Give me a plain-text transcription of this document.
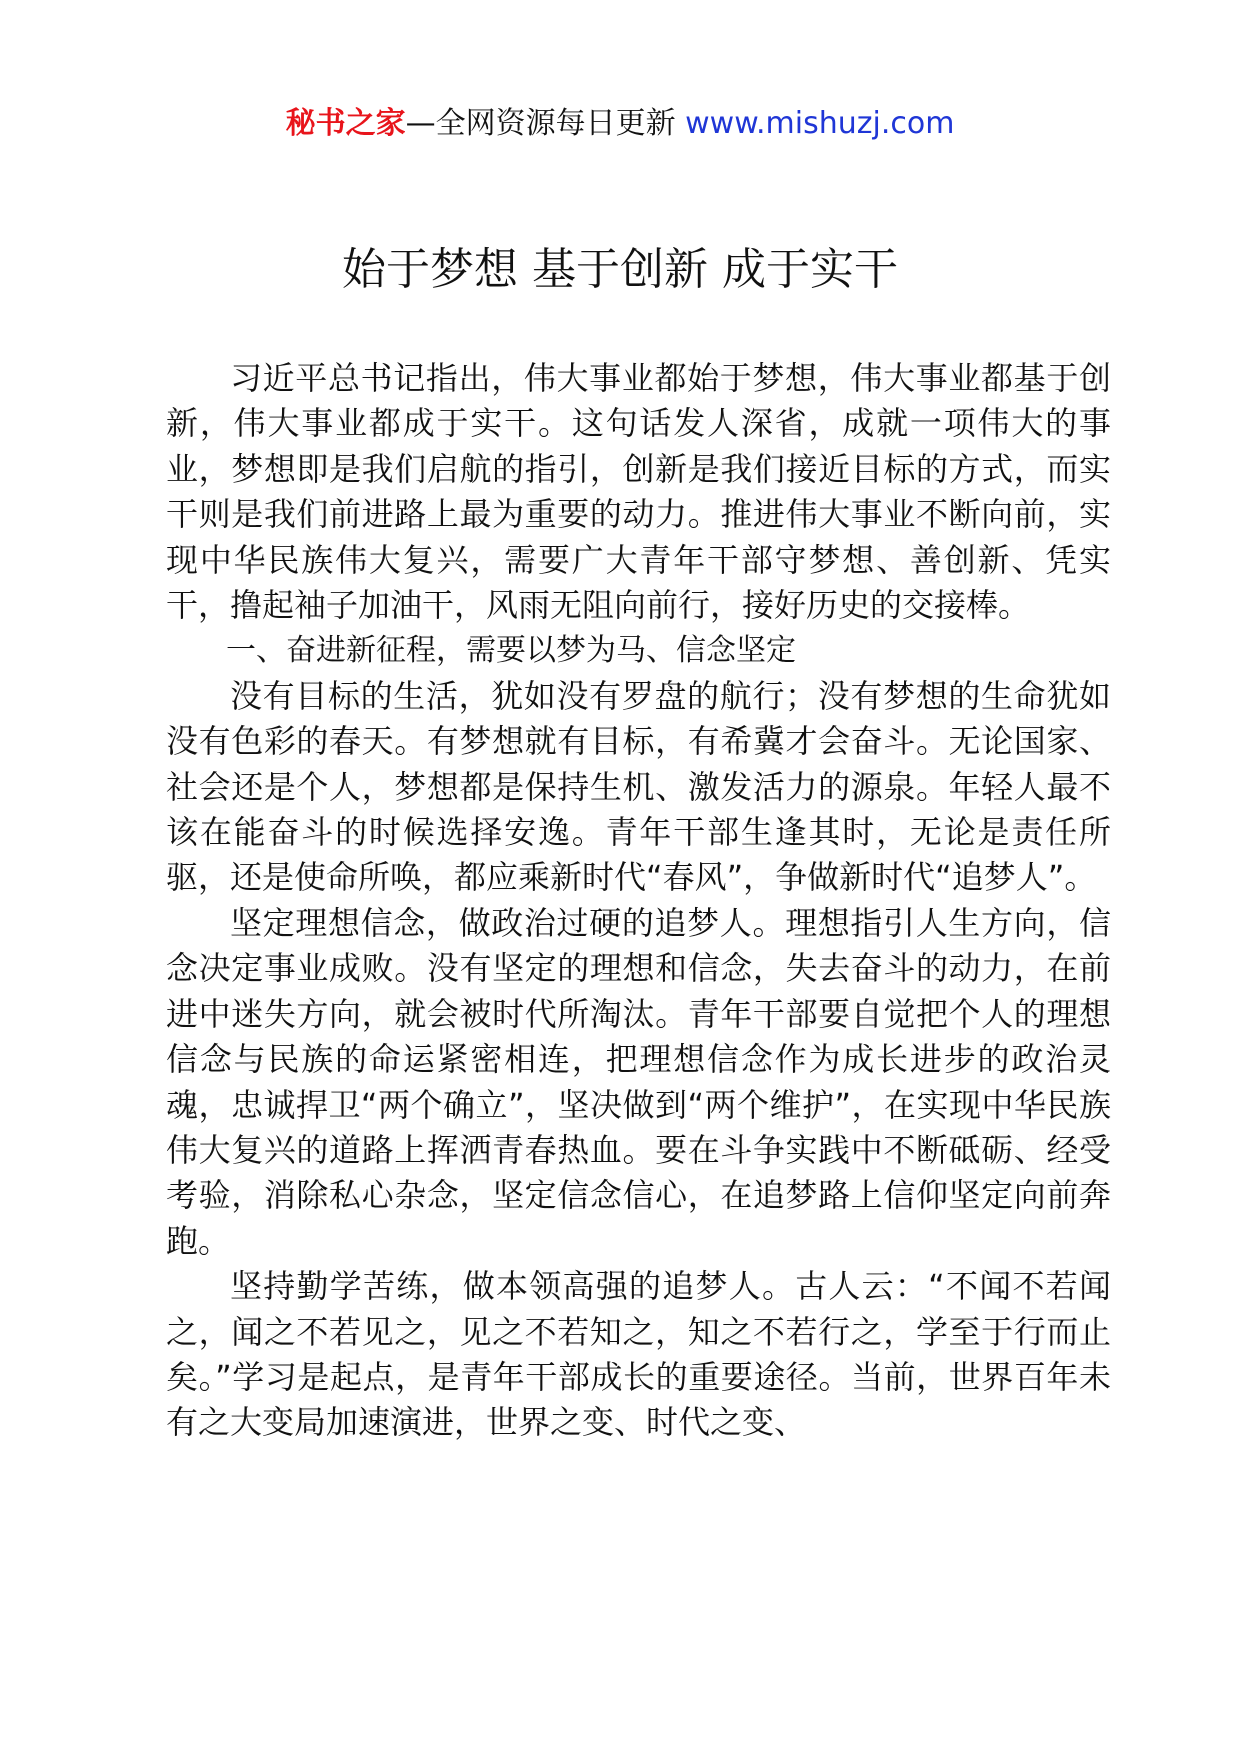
秘书之家—全网资源每日更新 www.mishuzj.com
始于梦想 基于创新 成于实干

习近平总书记指出，伟大事业都始于梦想，伟大事业都基于创新，伟大事业都成于实干。这句话发人深省，成就一项伟大的事业，梦想即是我们启航的指引，创新是我们接近目标的方式，而实干则是我们前进路上最为重要的动力。推进伟大事业不断向前，实现中华民族伟大复兴，需要广大青年干部守梦想、善创新、凭实干，撸起袖子加油干，风雨无阻向前行，接好历史的交接棒。

一、奋进新征程，需要以梦为马、信念坚定

没有目标的生活，犹如没有罗盘的航行；没有梦想的生命犹如没有色彩的春天。有梦想就有目标，有希冀才会奋斗。无论国家、社会还是个人，梦想都是保持生机、激发活力的源泉。年轻人最不该在能奋斗的时候选择安逸。青年干部生逢其时，无论是责任所驱，还是使命所唤，都应乘新时代“春风”，争做新时代“追梦人”。

坚定理想信念，做政治过硬的追梦人。理想指引人生方向，信念决定事业成败。没有坚定的理想和信念，失去奋斗的动力，在前进中迷失方向，就会被时代所淘汰。青年干部要自觉把个人的理想信念与民族的命运紧密相连，把理想信念作为成长进步的政治灵魂，忠诚捍卫“两个确立”，坚决做到“两个维护”，在实现中华民族伟大复兴的道路上挥洒青春热血。要在斗争实践中不断砥砺、经受考验，消除私心杂念，坚定信念信心，在追梦路上信仰坚定向前奔跑。

坚持勤学苦练，做本领高强的追梦人。古人云：“不闻不若闻之，闻之不若见之，见之不若知之，知之不若行之，学至于行而止矣。”学习是起点，是青年干部成长的重要途径。当前，世界百年未有之大变局加速演进，世界之变、时代之变、
